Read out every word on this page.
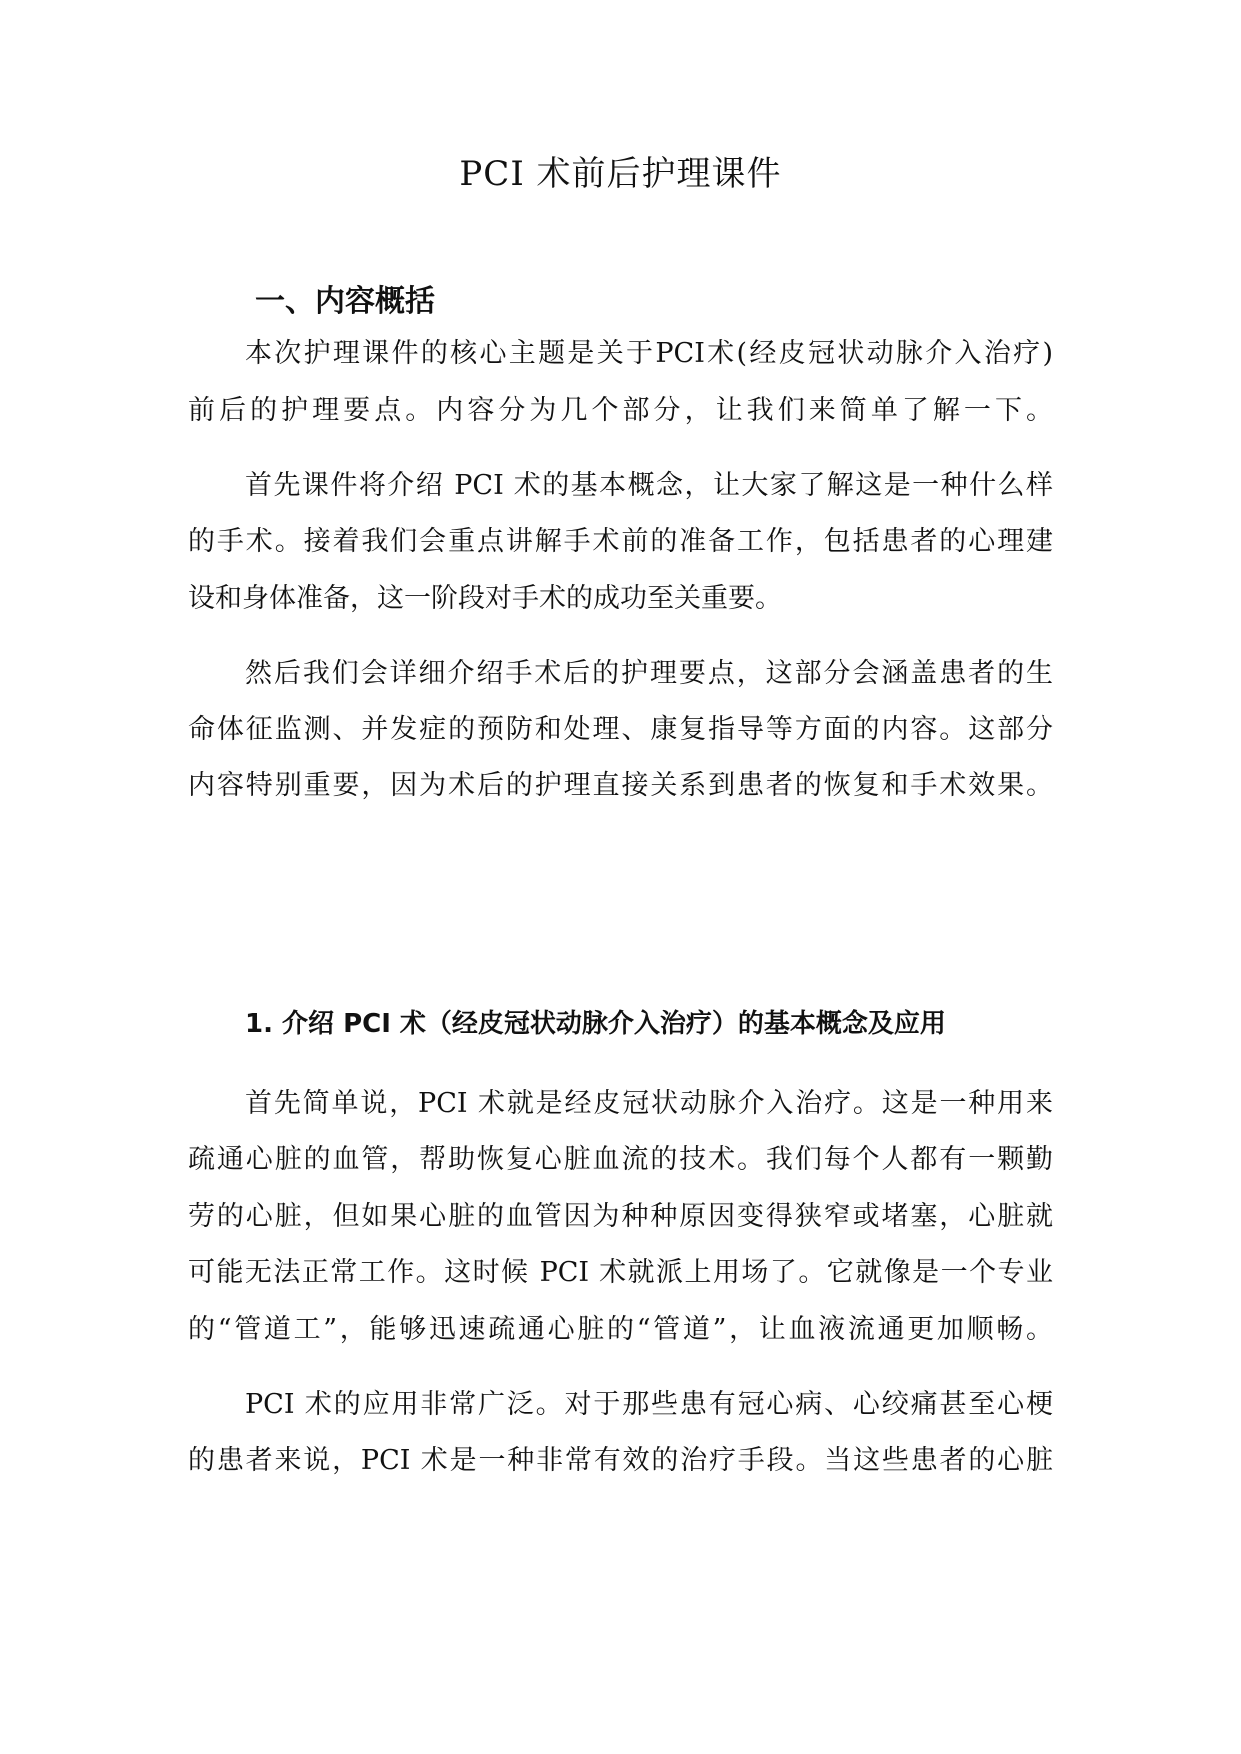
PCI 术前后护理课件
一、内容概括

本次护理课件的核心主题是关于PCI术(经皮冠状动脉介入治疗)

前后的护理要点。内容分为几个部分，让我们来简单了解一下。

首先课件将介绍 PCI 术的基本概念，让大家了解这是一种什么样

的手术。接着我们会重点讲解手术前的准备工作，包括患者的心理建

设和身体准备，这一阶段对手术的成功至关重要。

然后我们会详细介绍手术后的护理要点，这部分会涵盖患者的生

命体征监测、并发症的预防和处理、康复指导等方面的内容。这部分

内容特别重要，因为术后的护理直接关系到患者的恢复和手术效果。

1. 介绍 PCI 术（经皮冠状动脉介入治疗）的基本概念及应用

首先简单说，PCI 术就是经皮冠状动脉介入治疗。这是一种用来

疏通心脏的血管，帮助恢复心脏血流的技术。我们每个人都有一颗勤

劳的心脏，但如果心脏的血管因为种种原因变得狭窄或堵塞，心脏就

可能无法正常工作。这时候 PCI 术就派上用场了。它就像是一个专业

的“管道工”，能够迅速疏通心脏的“管道”，让血液流通更加顺畅。

PCI 术的应用非常广泛。对于那些患有冠心病、心绞痛甚至心梗

的患者来说，PCI 术是一种非常有效的治疗手段。当这些患者的心脏
